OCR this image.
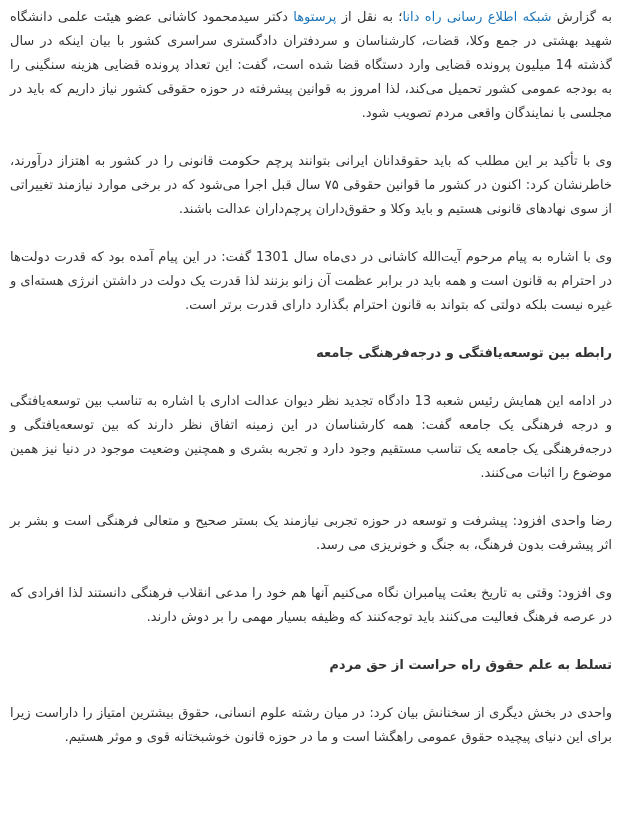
به گزارش شبکه اطلاع رسانی راه دانا؛ به نقل از پرستوها دکتر سیدمحمود کاشانی عضو هیئت علمی دانشگاه شهید بهشتی در جمع وکلا، قضات، کارشناسان و سردفتران دادگستری سراسری کشور با بیان اینکه در سال گذشته 14 میلیون پرونده قضایی وارد دستگاه قضا شده است، گفت: این تعداد پرونده قضایی هزینه سنگینی را به بودجه عمومی کشور تحمیل می‌کند، لذا امروز به قوانین پیشرفته در حوزه حقوقی کشور نیاز داریم که باید در مجلسی با نمایندگان واقعی مردم تصویب شود.

وی با تأکید بر این مطلب که باید حقوقدانان ایرانی بتوانند پرچم حکومت قانونی را در کشور به اهتزاز درآورند، خاطرنشان کرد: اکنون در کشور ما قوانین حقوقی ۷۵ سال قبل اجرا می‌شود که در برخی موارد نیازمند تغییراتی از سوی نهادهای قانونی هستیم و باید وکلا و حقوق‌داران پرچم‌داران عدالت باشند.

وی با اشاره به پیام مرحوم آیت‌الله کاشانی در دی‌ماه سال 1301 گفت: در این پیام آمده بود که قدرت دولت‌ها در احترام به قانون است و همه باید در برابر عظمت آن زانو بزنند لذا قدرت یک دولت در داشتن انرژی هسته‌ای و غیره نیست بلکه دولتی که بتواند به قانون احترام بگذارد دارای قدرت برتر است.

رابطه بین توسعه‌یافتگی و درجه‌فرهنگی جامعه

در ادامه این همایش رئیس شعبه 13 دادگاه تجدید نظر دیوان عدالت اداری با اشاره به تناسب بین توسعه‌یافتگی و درجه فرهنگی یک جامعه گفت: همه کارشناسان در این زمینه اتفاق نظر دارند که بین توسعه‌یافتگی و درجه‌فرهنگی یک جامعه یک تناسب مستقیم وجود دارد و تجربه بشری و همچنین وضعیت موجود در دنیا نیز همین موضوع را اثبات می‌کنند.

رضا واحدی افزود: پیشرفت و توسعه در حوزه تجربی نیازمند یک بستر صحیح و متعالی فرهنگی است و بشر بر اثر پیشرفت بدون فرهنگ، به جنگ و خونریزی می رسد.

وی افزود: وقتی به تاریخ بعثت پیامبران نگاه می‌کنیم آنها هم خود را مدعی انقلاب فرهنگی دانستند لذا افرادی که در عرصه فرهنگ فعالیت می‌کنند باید توجه‌کنند که وظیفه بسیار مهمی را بر دوش دارند.

تسلط به علم حقوق راه حراست از حق مردم

واحدی در بخش دیگری از سخنانش بیان کرد: در میان رشته علوم انسانی، حقوق بیشترین امتیاز را داراست زیرا برای این دنیای پیچیده حقوق عمومی راهگشا است و ما در حوزه قانون خوشبختانه قوی و موثر هستیم.
